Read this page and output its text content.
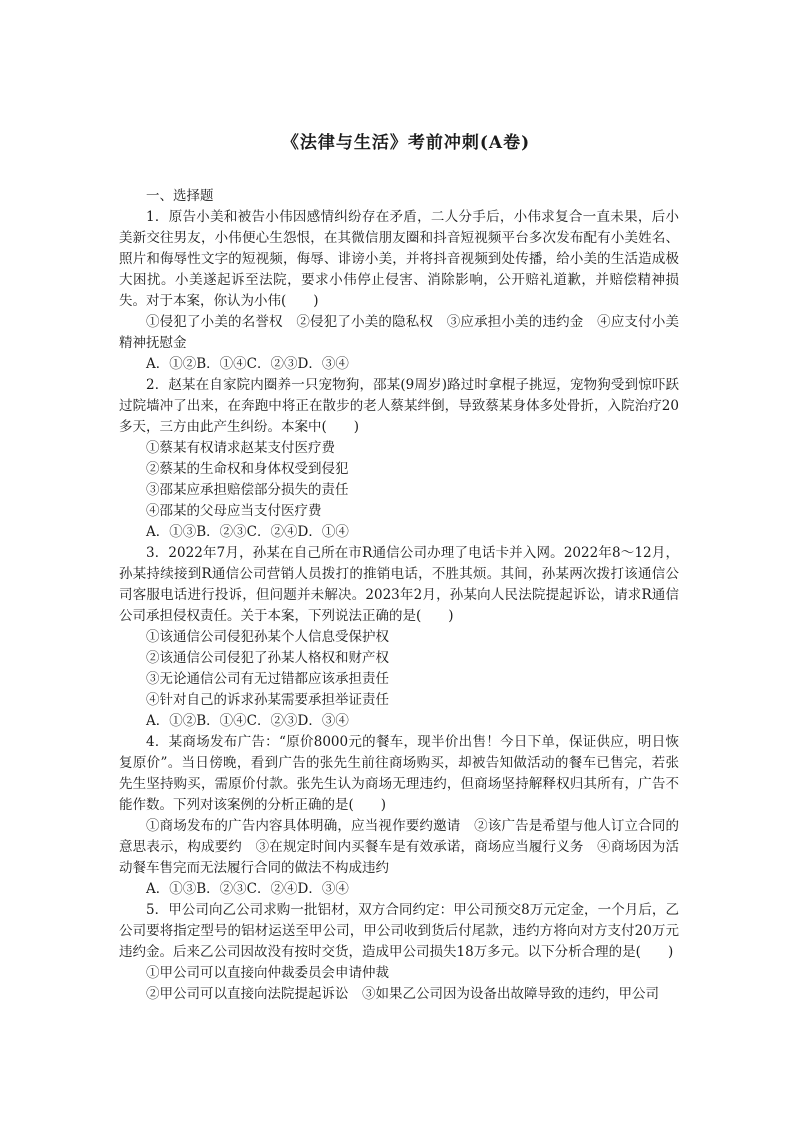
《法律与生活》考前冲刺(A卷)

一、选择题

1．原告小美和被告小伟因感情纠纷存在矛盾，二人分手后，小伟求复合一直未果，后小美新交往男友，小伟便心生怨恨，在其微信朋友圈和抖音短视频平台多次发布配有小美姓名、照片和侮辱性文字的短视频，侮辱、诽谤小美，并将抖音视频到处传播，给小美的生活造成极大困扰。小美遂起诉至法院，要求小伟停止侵害、消除影响，公开赔礼道歉，并赔偿精神损失。对于本案，你认为小伟(　　)

①侵犯了小美的名誉权　②侵犯了小美的隐私权　③应承担小美的违约金　④应支付小美精神抚慰金

A．①②B．①④C．②③D．③④

2．赵某在自家院内圈养一只宠物狗，邵某(9周岁)路过时拿棍子挑逗，宠物狗受到惊吓跃过院墙冲了出来，在奔跑中将正在散步的老人蔡某绊倒，导致蔡某身体多处骨折，入院治疗20多天，三方由此产生纠纷。本案中(　　)

①蔡某有权请求赵某支付医疗费

②蔡某的生命权和身体权受到侵犯

③邵某应承担赔偿部分损失的责任

④邵某的父母应当支付医疗费

A．①③B．②③C．②④D．①④

3．2022年7月，孙某在自己所在市R通信公司办理了电话卡并入网。2022年8～12月，孙某持续接到R通信公司营销人员拨打的推销电话，不胜其烦。其间，孙某两次拨打该通信公司客服电话进行投诉，但问题并未解决。2023年2月，孙某向人民法院提起诉讼，请求R通信公司承担侵权责任。关于本案，下列说法正确的是(　　)

①该通信公司侵犯孙某个人信息受保护权

②该通信公司侵犯了孙某人格权和财产权

③无论通信公司有无过错都应该承担责任

④针对自己的诉求孙某需要承担举证责任

A．①②B．①④C．②③D．③④

4．某商场发布广告：“原价8000元的餐车，现半价出售！今日下单，保证供应，明日恢复原价”。当日傍晚，看到广告的张先生前往商场购买，却被告知做活动的餐车已售完，若张先生坚持购买，需原价付款。张先生认为商场无理违约，但商场坚持解释权归其所有，广告不能作数。下列对该案例的分析正确的是(　　)

①商场发布的广告内容具体明确，应当视作要约邀请　②该广告是希望与他人订立合同的意思表示，构成要约　③在规定时间内买餐车是有效承诺，商场应当履行义务　④商场因为活动餐车售完而无法履行合同的做法不构成违约

A．①③B．②③C．②④D．③④

5．甲公司向乙公司求购一批铝材，双方合同约定：甲公司预交8万元定金，一个月后，乙公司要将指定型号的铝材运送至甲公司，甲公司收到货后付尾款，违约方将向对方支付20万元违约金。后来乙公司因故没有按时交货，造成甲公司损失18万多元。以下分析合理的是(　　)

①甲公司可以直接向仲裁委员会申请仲裁

②甲公司可以直接向法院提起诉讼　③如果乙公司因为设备出故障导致的违约，甲公司
